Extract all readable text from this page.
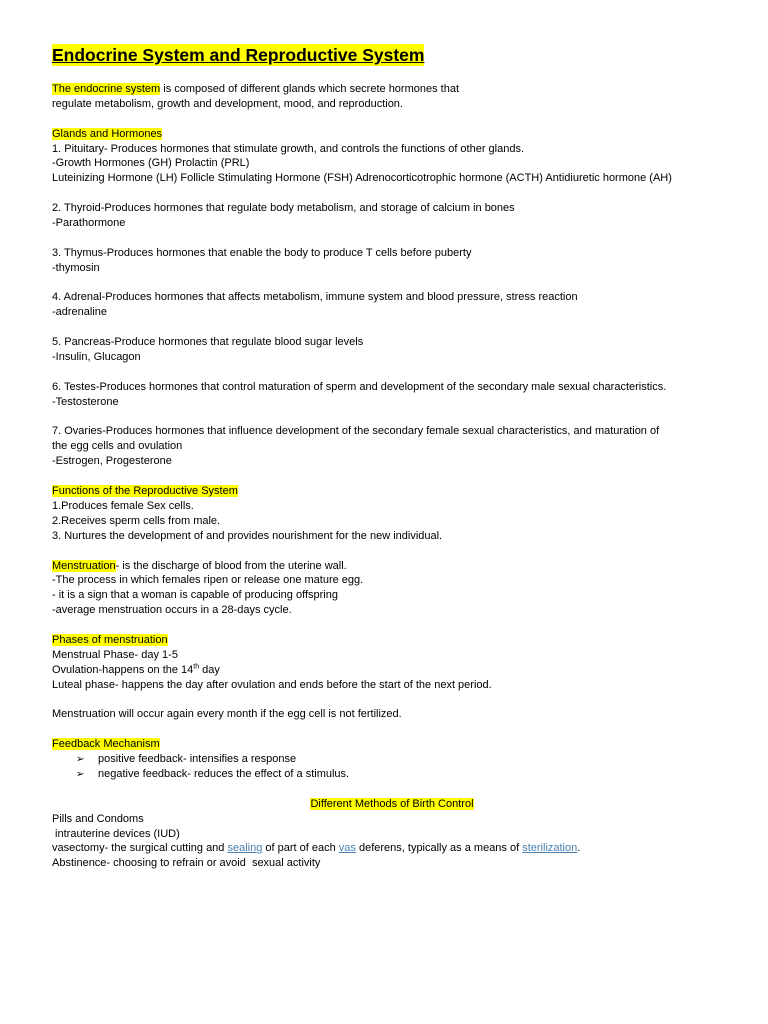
Endocrine System and Reproductive System
The endocrine system is composed of different glands which secrete hormones that
regulate metabolism, growth and development, mood, and reproduction.
Glands and Hormones
1. Pituitary- Produces hormones that stimulate growth, and controls the functions of other glands.
-Growth Hormones (GH) Prolactin (PRL)
Luteinizing Hormone (LH) Follicle Stimulating Hormone (FSH) Adrenocorticotrophic hormone (ACTH) Antidiuretic hormone (AH)
2. Thyroid-Produces hormones that regulate body metabolism, and storage of calcium in bones
-Parathormone
3. Thymus-Produces hormones that enable the body to produce T cells before puberty
-thymosin
4. Adrenal-Produces hormones that affects metabolism, immune system and blood pressure, stress reaction
-adrenaline
5. Pancreas-Produce hormones that regulate blood sugar levels
-Insulin, Glucagon
6. Testes-Produces hormones that control maturation of sperm and development of the secondary male sexual characteristics.
-Testosterone
7. Ovaries-Produces hormones that influence development of the secondary female sexual characteristics, and maturation of
the egg cells and ovulation
-Estrogen, Progesterone
Functions of the Reproductive System
1.Produces female Sex cells.
2.Receives sperm cells from male.
3. Nurtures the development of and provides nourishment for the new individual.
Menstruation- is the discharge of blood from the uterine wall.
-The process in which females ripen or release one mature egg.
- it is a sign that a woman is capable of producing offspring
-average menstruation occurs in a 28-days cycle.
Phases of menstruation
Menstrual Phase- day 1-5
Ovulation-happens on the 14th day
Luteal phase- happens the day after ovulation and ends before the start of the next period.
Menstruation will occur again every month if the egg cell is not fertilized.
Feedback Mechanism
➢ positive feedback- intensifies a response
➢ negative feedback- reduces the effect of a stimulus.
Different Methods of Birth Control
Pills and Condoms
intrauterine devices (IUD)
vasectomy- the surgical cutting and sealing of part of each vas deferens, typically as a means of sterilization.
Abstinence- choosing to refrain or avoid  sexual activity
